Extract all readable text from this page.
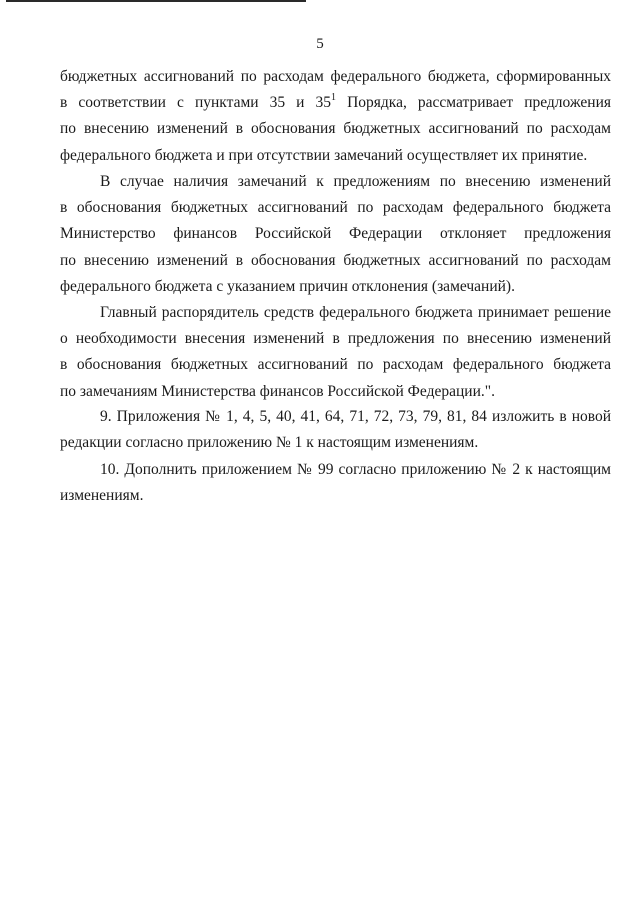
5
бюджетных ассигнований по расходам федерального бюджета, сформированных
в соответствии с пунктами 35 и 35$^1$ Порядка, рассматривает предложения
по внесению изменений в обоснования бюджетных ассигнований по расходам
федерального бюджета и при отсутствии замечаний осуществляет их принятие.
В случае наличия замечаний к предложениям по внесению изменений
в обоснования бюджетных ассигнований по расходам федерального бюджета
Министерство финансов Российской Федерации отклоняет предложения
по внесению изменений в обоснования бюджетных ассигнований по расходам
федерального бюджета с указанием причин отклонения (замечаний).
Главный распорядитель средств федерального бюджета принимает решение
о необходимости внесения изменений в предложения по внесению изменений
в обоснования бюджетных ассигнований по расходам федерального бюджета
по замечаниям Министерства финансов Российской Федерации.".
9. Приложения № 1, 4, 5, 40, 41, 64, 71, 72, 73, 79, 81, 84 изложить в новой
редакции согласно приложению № 1 к настоящим изменениям.
10. Дополнить приложением № 99 согласно приложению № 2 к настоящим
изменениям.
